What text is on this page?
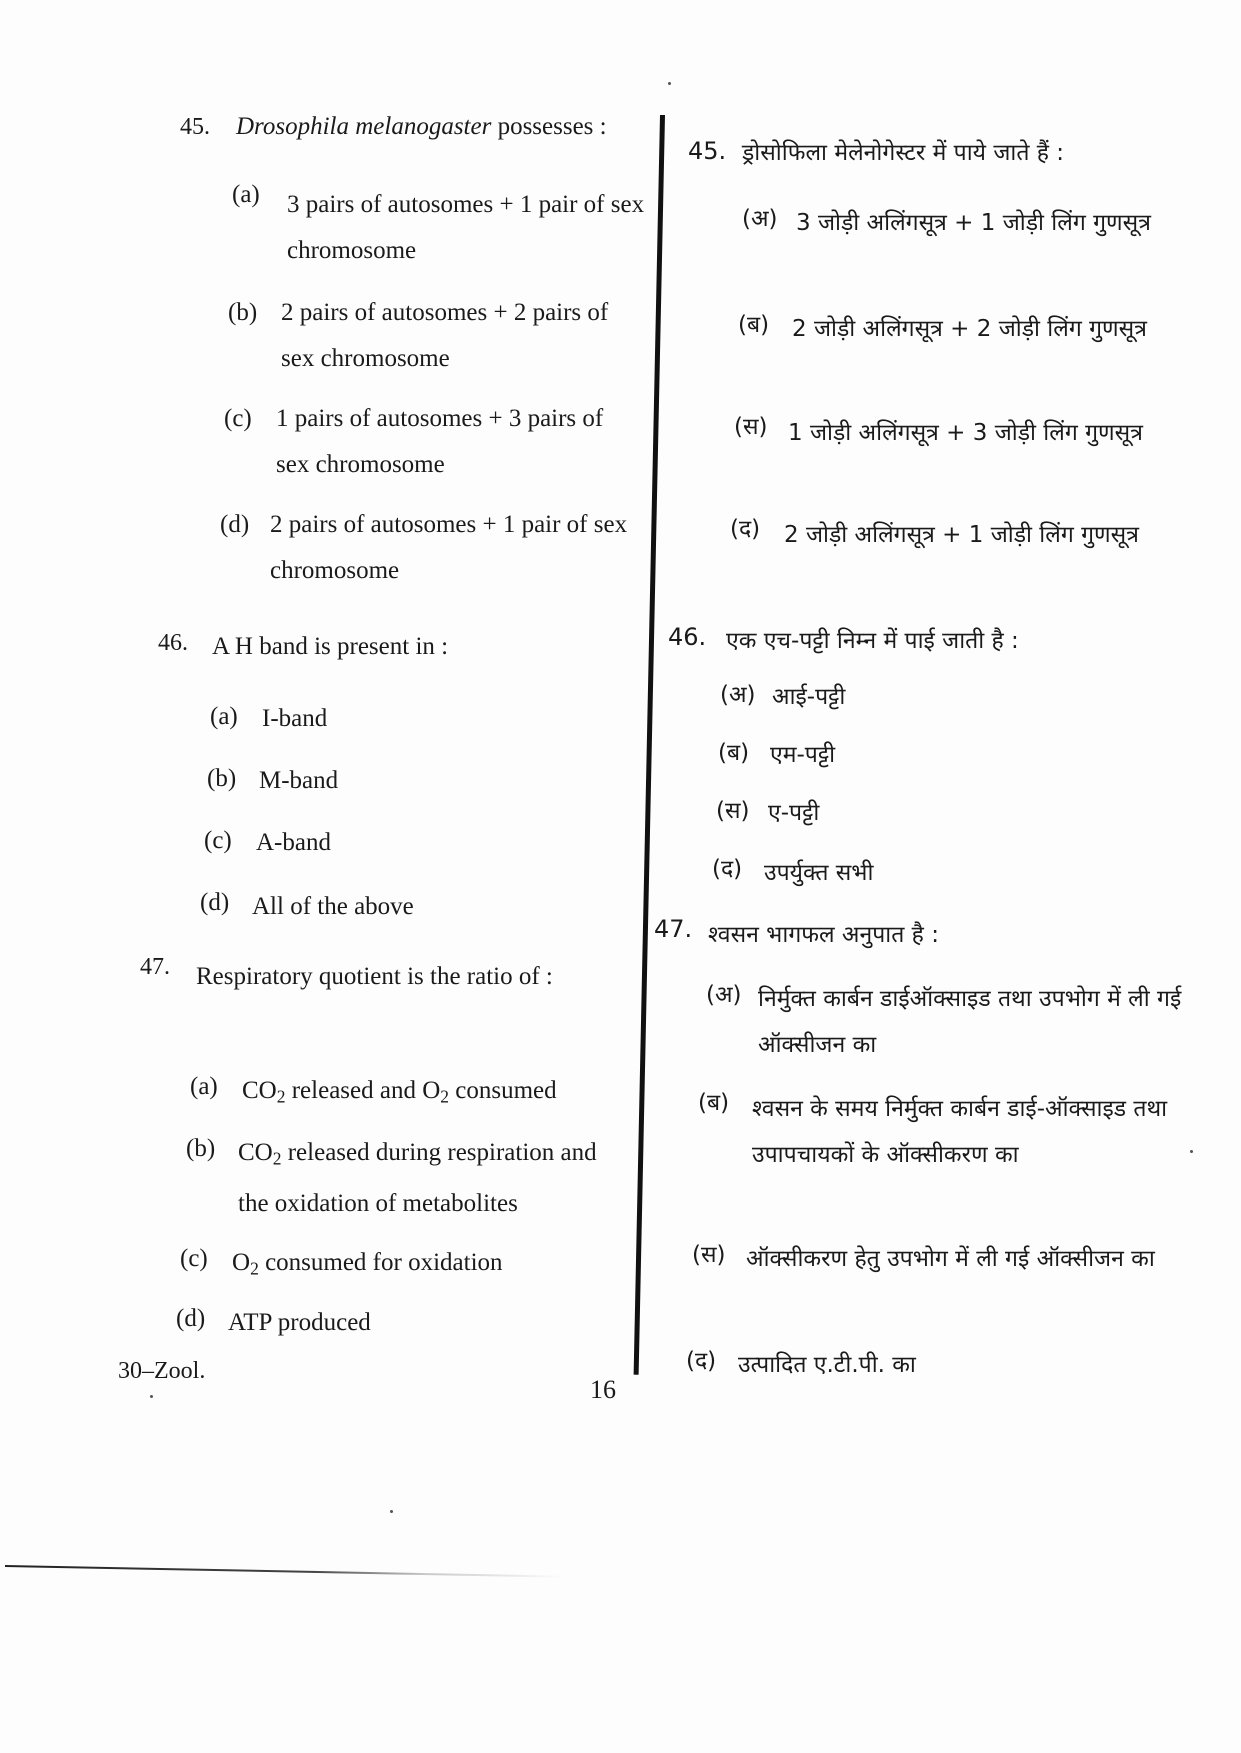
45. Drosophila melanogaster possesses :
(a) 3 pairs of autosomes + 1 pair of sex chromosome
(b) 2 pairs of autosomes + 2 pairs of sex chromosome
(c) 1 pairs of autosomes + 3 pairs of sex chromosome
(d) 2 pairs of autosomes + 1 pair of sex chromosome
46. A H band is present in :
(a) I-band
(b) M-band
(c) A-band
(d) All of the above
47. Respiratory quotient is the ratio of :
(a) $CO_2$ released and $O_2$ consumed
(b) $CO_2$ released during respiration and the oxidation of metabolites
(c) $O_2$ consumed for oxidation
(d) ATP produced
45. ड्रोसोफिला मेलेनोगेस्टर में पाये जाते हैं :
(अ) 3 जोड़ी अलिंगसूत्र + 1 जोड़ी लिंग गुणसूत्र
(ब) 2 जोड़ी अलिंगसूत्र + 2 जोड़ी लिंग गुणसूत्र
(स) 1 जोड़ी अलिंगसूत्र + 3 जोड़ी लिंग गुणसूत्र
(द) 2 जोड़ी अलिंगसूत्र + 1 जोड़ी लिंग गुणसूत्र
46. एक एच-पट्टी निम्न में पाई जाती है :
(अ) आई-पट्टी
(ब) एम-पट्टी
(स) ए-पट्टी
(द) उपर्युक्त सभी
47. श्वसन भागफल अनुपात है :
(अ) निर्मुक्त कार्बन डाईऑक्साइड तथा उपभोग में ली गई ऑक्सीजन का
(ब) श्वसन के समय निर्मुक्त कार्बन डाई-ऑक्साइड तथा उपापचायकों के ऑक्सीकरण का
(स) ऑक्सीकरण हेतु उपभोग में ली गई ऑक्सीजन का
(द) उत्पादित ए.टी.पी. का
30–Zool.
16
